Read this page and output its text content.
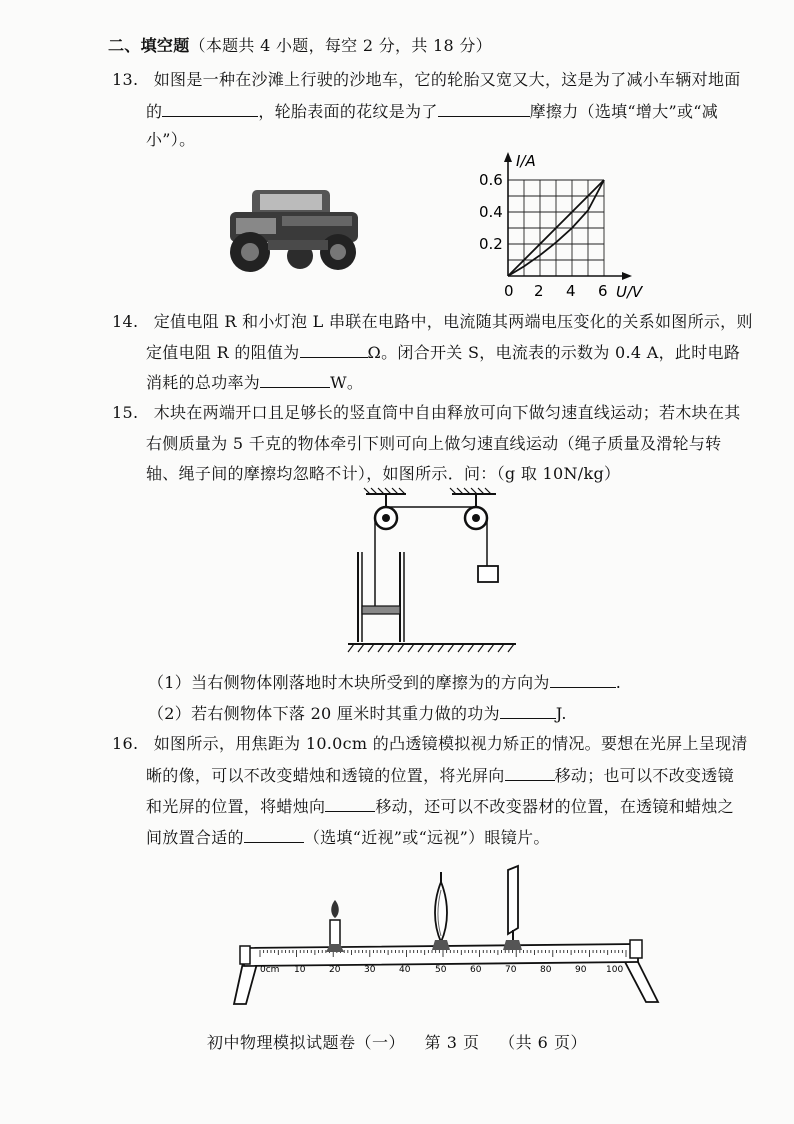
二、填空题（本题共 4 小题，每空 2 分，共 18 分）
13. 如图是一种在沙滩上行驶的沙地车，它的轮胎又宽又大，这是为了减小车辆对地面
的	，轮胎表面的花纹是为了	摩擦力（选填“增大”或“减
小”）。
I/A
U/V
0.6
0.4
0.2
0 2 4 6
14. 定值电阻 R 和小灯泡 L 串联在电路中，电流随其两端电压变化的关系如图所示，则
定值电阻 R 的阻值为	Ω。闭合开关 S，电流表的示数为 0.4 A，此时电路
消耗的总功率为	W。
15. 木块在两端开口且足够长的竖直筒中自由释放可向下做匀速直线运动；若木块在其
右侧质量为 5 千克的物体牵引下则可向上做匀速直线运动（绳子质量及滑轮与转
轴、绳子间的摩擦均忽略不计），如图所示．问：（g 取 10N/kg）
（1）当右侧物体刚落地时木块所受到的摩擦为的方向为	.
（2）若右侧物体下落 20 厘米时其重力做的功为	J.
16. 如图所示，用焦距为 10.0cm 的凸透镜模拟视力矫正的情况。要想在光屏上呈现清
晰的像，可以不改变蜡烛和透镜的位置，将光屏向	移动；也可以不改变透镜
和光屏的位置，将蜡烛向	移动，还可以不改变器材的位置，在透镜和蜡烛之
间放置合适的	（选填“近视”或“远视”）眼镜片。
0cm 10	20	30	40	50	60	70	80	90 100
初中物理模拟试题卷（一） 第 3 页 （共 6 页）
